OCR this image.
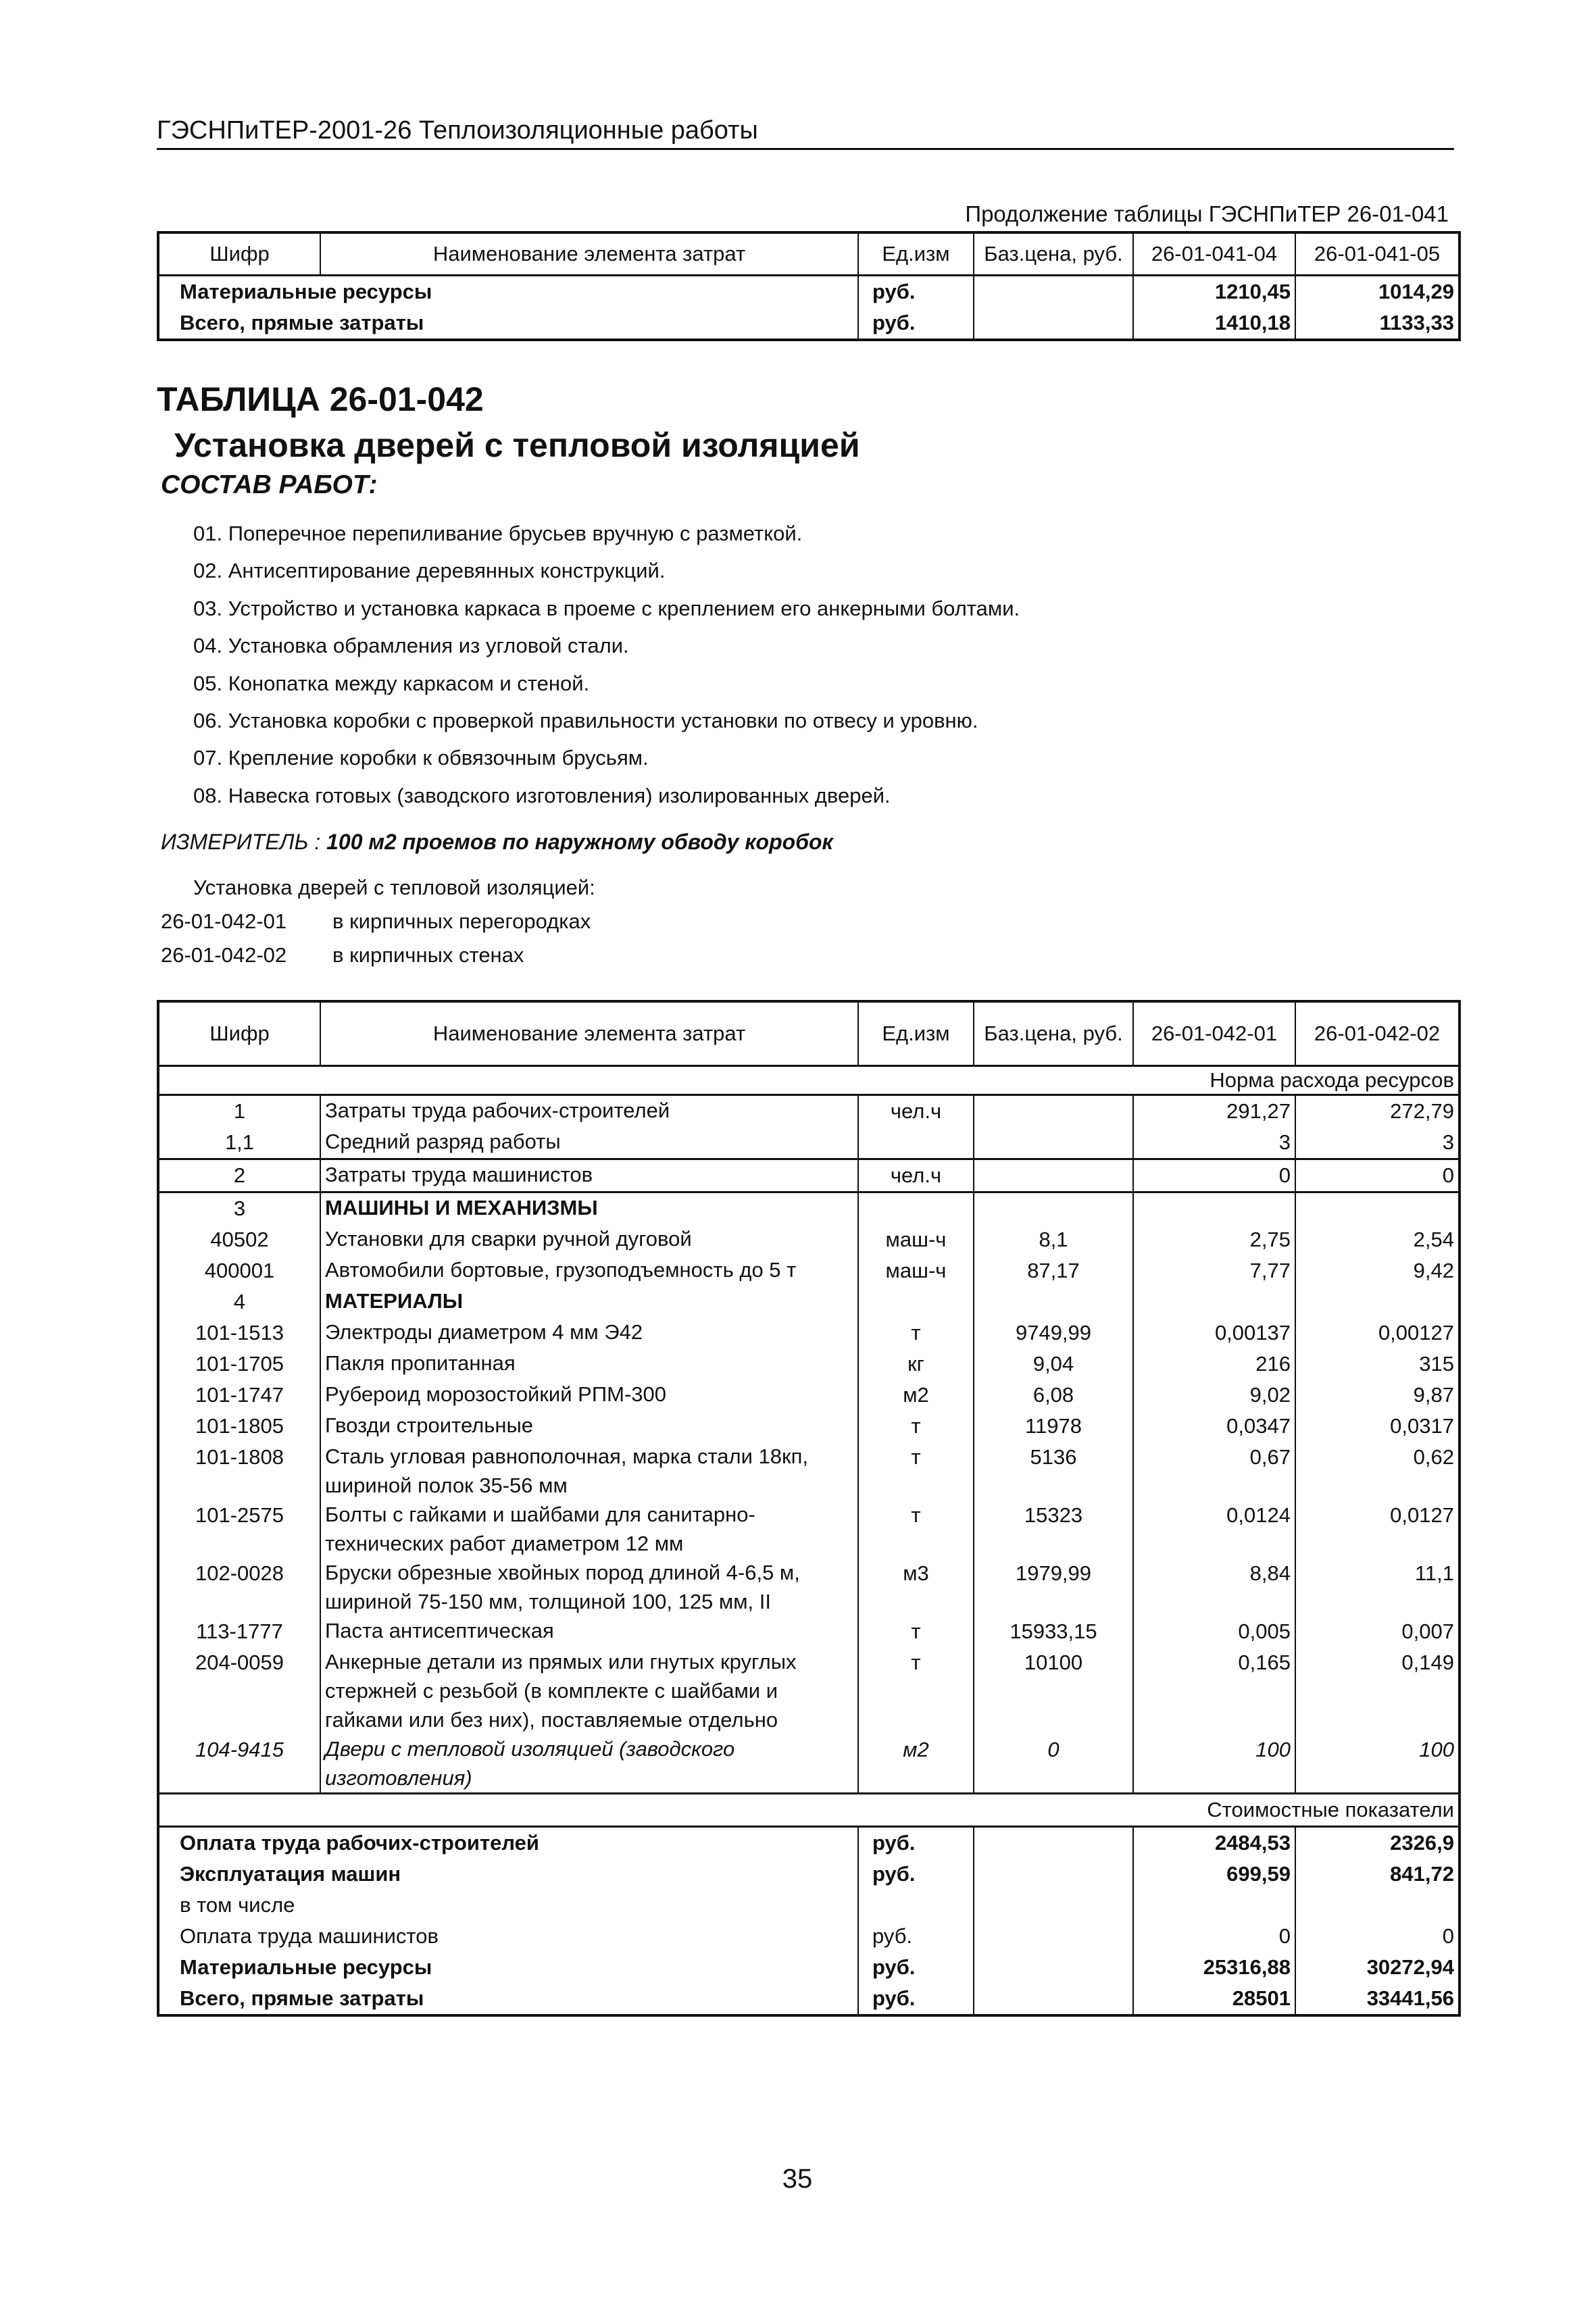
ГЭСНПиТЕР-2001-26 Теплоизоляционные работы
Продолжение таблицы ГЭСНПиТЕР 26-01-041
Шифр	Наименование элемента затрат	Ед.изм	Баз.цена, руб.	26-01-041-04	26-01-041-05
Материальные ресурсы		руб.		1210,45	1014,29
Всего, прямые затраты		руб.		1410,18	1133,33
ТАБЛИЦА 26-01-042
Установка дверей с тепловой изоляцией
СОСТАВ РАБОТ:
01. Поперечное перепиливание брусьев вручную с разметкой.
02. Антисептирование деревянных конструкций.
03. Устройство и установка каркаса в проеме с креплением его анкерными болтами.
04. Установка обрамления из угловой стали.
05. Конопатка между каркасом и стеной.
06. Установка коробки с проверкой правильности установки по отвесу и уровню.
07. Крепление коробки к обвязочным брусьям.
08. Навеска готовых (заводского изготовления) изолированных дверей.
ИЗМЕРИТЕЛЬ : 100 м2 проемов по наружному обводу коробок
Установка дверей с тепловой изоляцией:
26-01-042-01 в кирпичных перегородках
26-01-042-02 в кирпичных стенах
Шифр	Наименование элемента затрат	Ед.изм	Баз.цена, руб.	26-01-042-01	26-01-042-02
Норма расхода ресурсов					
1	Затраты труда рабочих-строителей	чел.ч		291,27	272,79
1,1	Средний разряд работы			3	3
2	Затраты труда машинистов	чел.ч		0	0
3	МАШИНЫ И МЕХАНИЗМЫ				
40502	Установки для сварки ручной дуговой	маш-ч	8,1	2,75	2,54
400001	Автомобили бортовые, грузоподъемность до 5 т	маш-ч	87,17	7,77	9,42
4	МАТЕРИАЛЫ				
101-1513	Электроды диаметром 4 мм Э42	т	9749,99	0,00137	0,00127
101-1705	Пакля пропитанная	кг	9,04	216	315
101-1747	Рубероид морозостойкий РПМ-300	м2	6,08	9,02	9,87
101-1805	Гвозди строительные	т	11978	0,0347	0,0317
101-1808	Сталь угловая равнополочная, марка стали 18кп, шириной полок 35-56 мм	т	5136	0,67	0,62
101-2575	Болты с гайками и шайбами для санитарно-технических работ диаметром 12 мм	т	15323	0,0124	0,0127
102-0028	Бруски обрезные хвойных пород длиной 4-6,5 м, шириной 75-150 мм, толщиной 100, 125 мм, II	м3	1979,99	8,84	11,1
113-1777	Паста антисептическая	т	15933,15	0,005	0,007
204-0059	Анкерные детали из прямых или гнутых круглых стержней с резьбой (в комплекте с шайбами и гайками или без них), поставляемые отдельно	т	10100	0,165	0,149
104-9415	Двери с тепловой изоляцией (заводского изготовления)	м2	0	100	100
Стоимостные показатели					
Оплата труда рабочих-строителей		руб.		2484,53	2326,9
Эксплуатация машин		руб.		699,59	841,72
в том числе					
Оплата труда машинистов		руб.		0	0
Материальные ресурсы		руб.		25316,88	30272,94
Всего, прямые затраты		руб.		28501	33441,56
35
